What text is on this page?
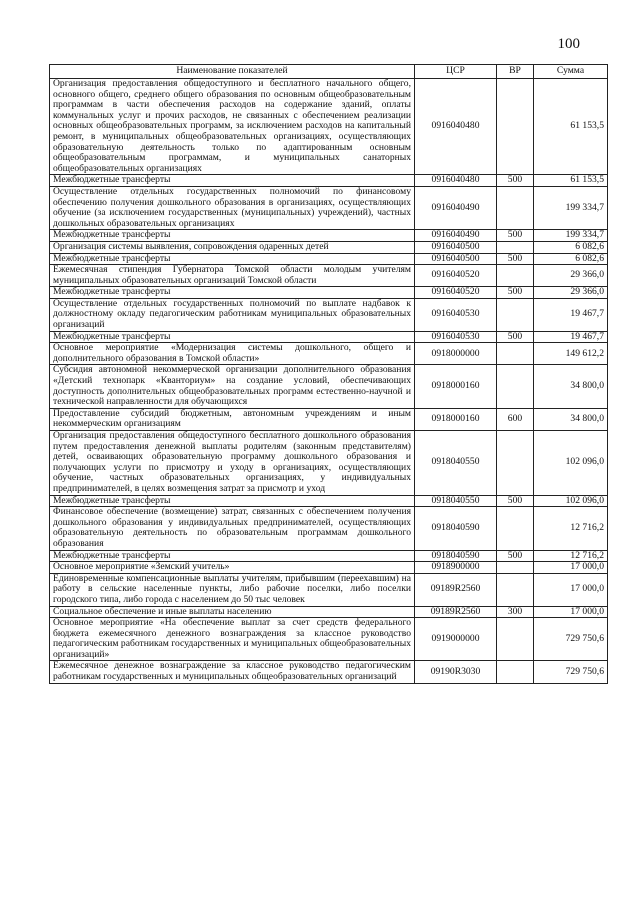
100
Наименование показателей	ЦСР	ВР	Сумма
Организация предоставления общедоступного и бесплатного начального общего, основного общего, среднего общего образования по основным общеобразовательным программам в части обеспечения расходов на содержание зданий, оплаты коммунальных услуг и прочих расходов, не связанных с обеспечением реализации основных общеобразовательных программ, за исключением расходов на капитальный ремонт, в муниципальных общеобразовательных организациях, осуществляющих образовательную деятельность только по адаптированным основным общеобразовательным программам, и муниципальных санаторных общеобразовательных организациях	0916040480		61 153,5
Межбюджетные трансферты	0916040480	500	61 153,5
Осуществление отдельных государственных полномочий по финансовому обеспечению получения дошкольного образования в организациях, осуществляющих обучение (за исключением государственных (муниципальных) учреждений), частных дошкольных образовательных организациях	0916040490		199 334,7
Межбюджетные трансферты	0916040490	500	199 334,7
Организация системы выявления, сопровождения одаренных детей	0916040500		6 082,6
Межбюджетные трансферты	0916040500	500	6 082,6
Ежемесячная стипендия Губернатора Томской области молодым учителям муниципальных образовательных организаций Томской области	0916040520		29 366,0
Межбюджетные трансферты	0916040520	500	29 366,0
Осуществление отдельных государственных полномочий по выплате надбавок к должностному окладу педагогическим работникам муниципальных образовательных организаций	0916040530		19 467,7
Межбюджетные трансферты	0916040530	500	19 467,7
Основное мероприятие «Модернизация системы дошкольного, общего и дополнительного образования в Томской области»	0918000000		149 612,2
Субсидия автономной некоммерческой организации дополнительного образования «Детский технопарк «Кванториум» на создание условий, обеспечивающих доступность дополнительных общеобразовательных программ естественно-научной и технической направленности для обучающихся	0918000160		34 800,0
Предоставление субсидий бюджетным, автономным учреждениям и иным некоммерческим организациям	0918000160	600	34 800,0
Организация предоставления общедоступного бесплатного дошкольного образования путем предоставления денежной выплаты родителям (законным представителям) детей, осваивающих образовательную программу дошкольного образования и получающих услуги по присмотру и уходу в организациях, осуществляющих обучение, частных образовательных организациях, у индивидуальных предпринимателей, в целях возмещения затрат за присмотр и уход	0918040550		102 096,0
Межбюджетные трансферты	0918040550	500	102 096,0
Финансовое обеспечение (возмещение) затрат, связанных с обеспечением получения дошкольного образования у индивидуальных предпринимателей, осуществляющих образовательную деятельность по образовательным программам дошкольного образования	0918040590		12 716,2
Межбюджетные трансферты	0918040590	500	12 716,2
Основное мероприятие «Земский учитель»	0918900000		17 000,0
Единовременные компенсационные выплаты учителям, прибывшим (переехавшим) на работу в сельские населенные пункты, либо рабочие поселки, либо поселки городского типа, либо города с населением до 50 тыс человек	09189R2560		17 000,0
Социальное обеспечение и иные выплаты населению	09189R2560	300	17 000,0
Основное мероприятие «На обеспечение выплат за счет средств федерального бюджета ежемесячного денежного вознаграждения за классное руководство педагогическим работникам государственных и муниципальных общеобразовательных организаций»	0919000000		729 750,6
Ежемесячное денежное вознаграждение за классное руководство педагогическим работникам государственных и муниципальных общеобразовательных организаций	09190R3030		729 750,6
